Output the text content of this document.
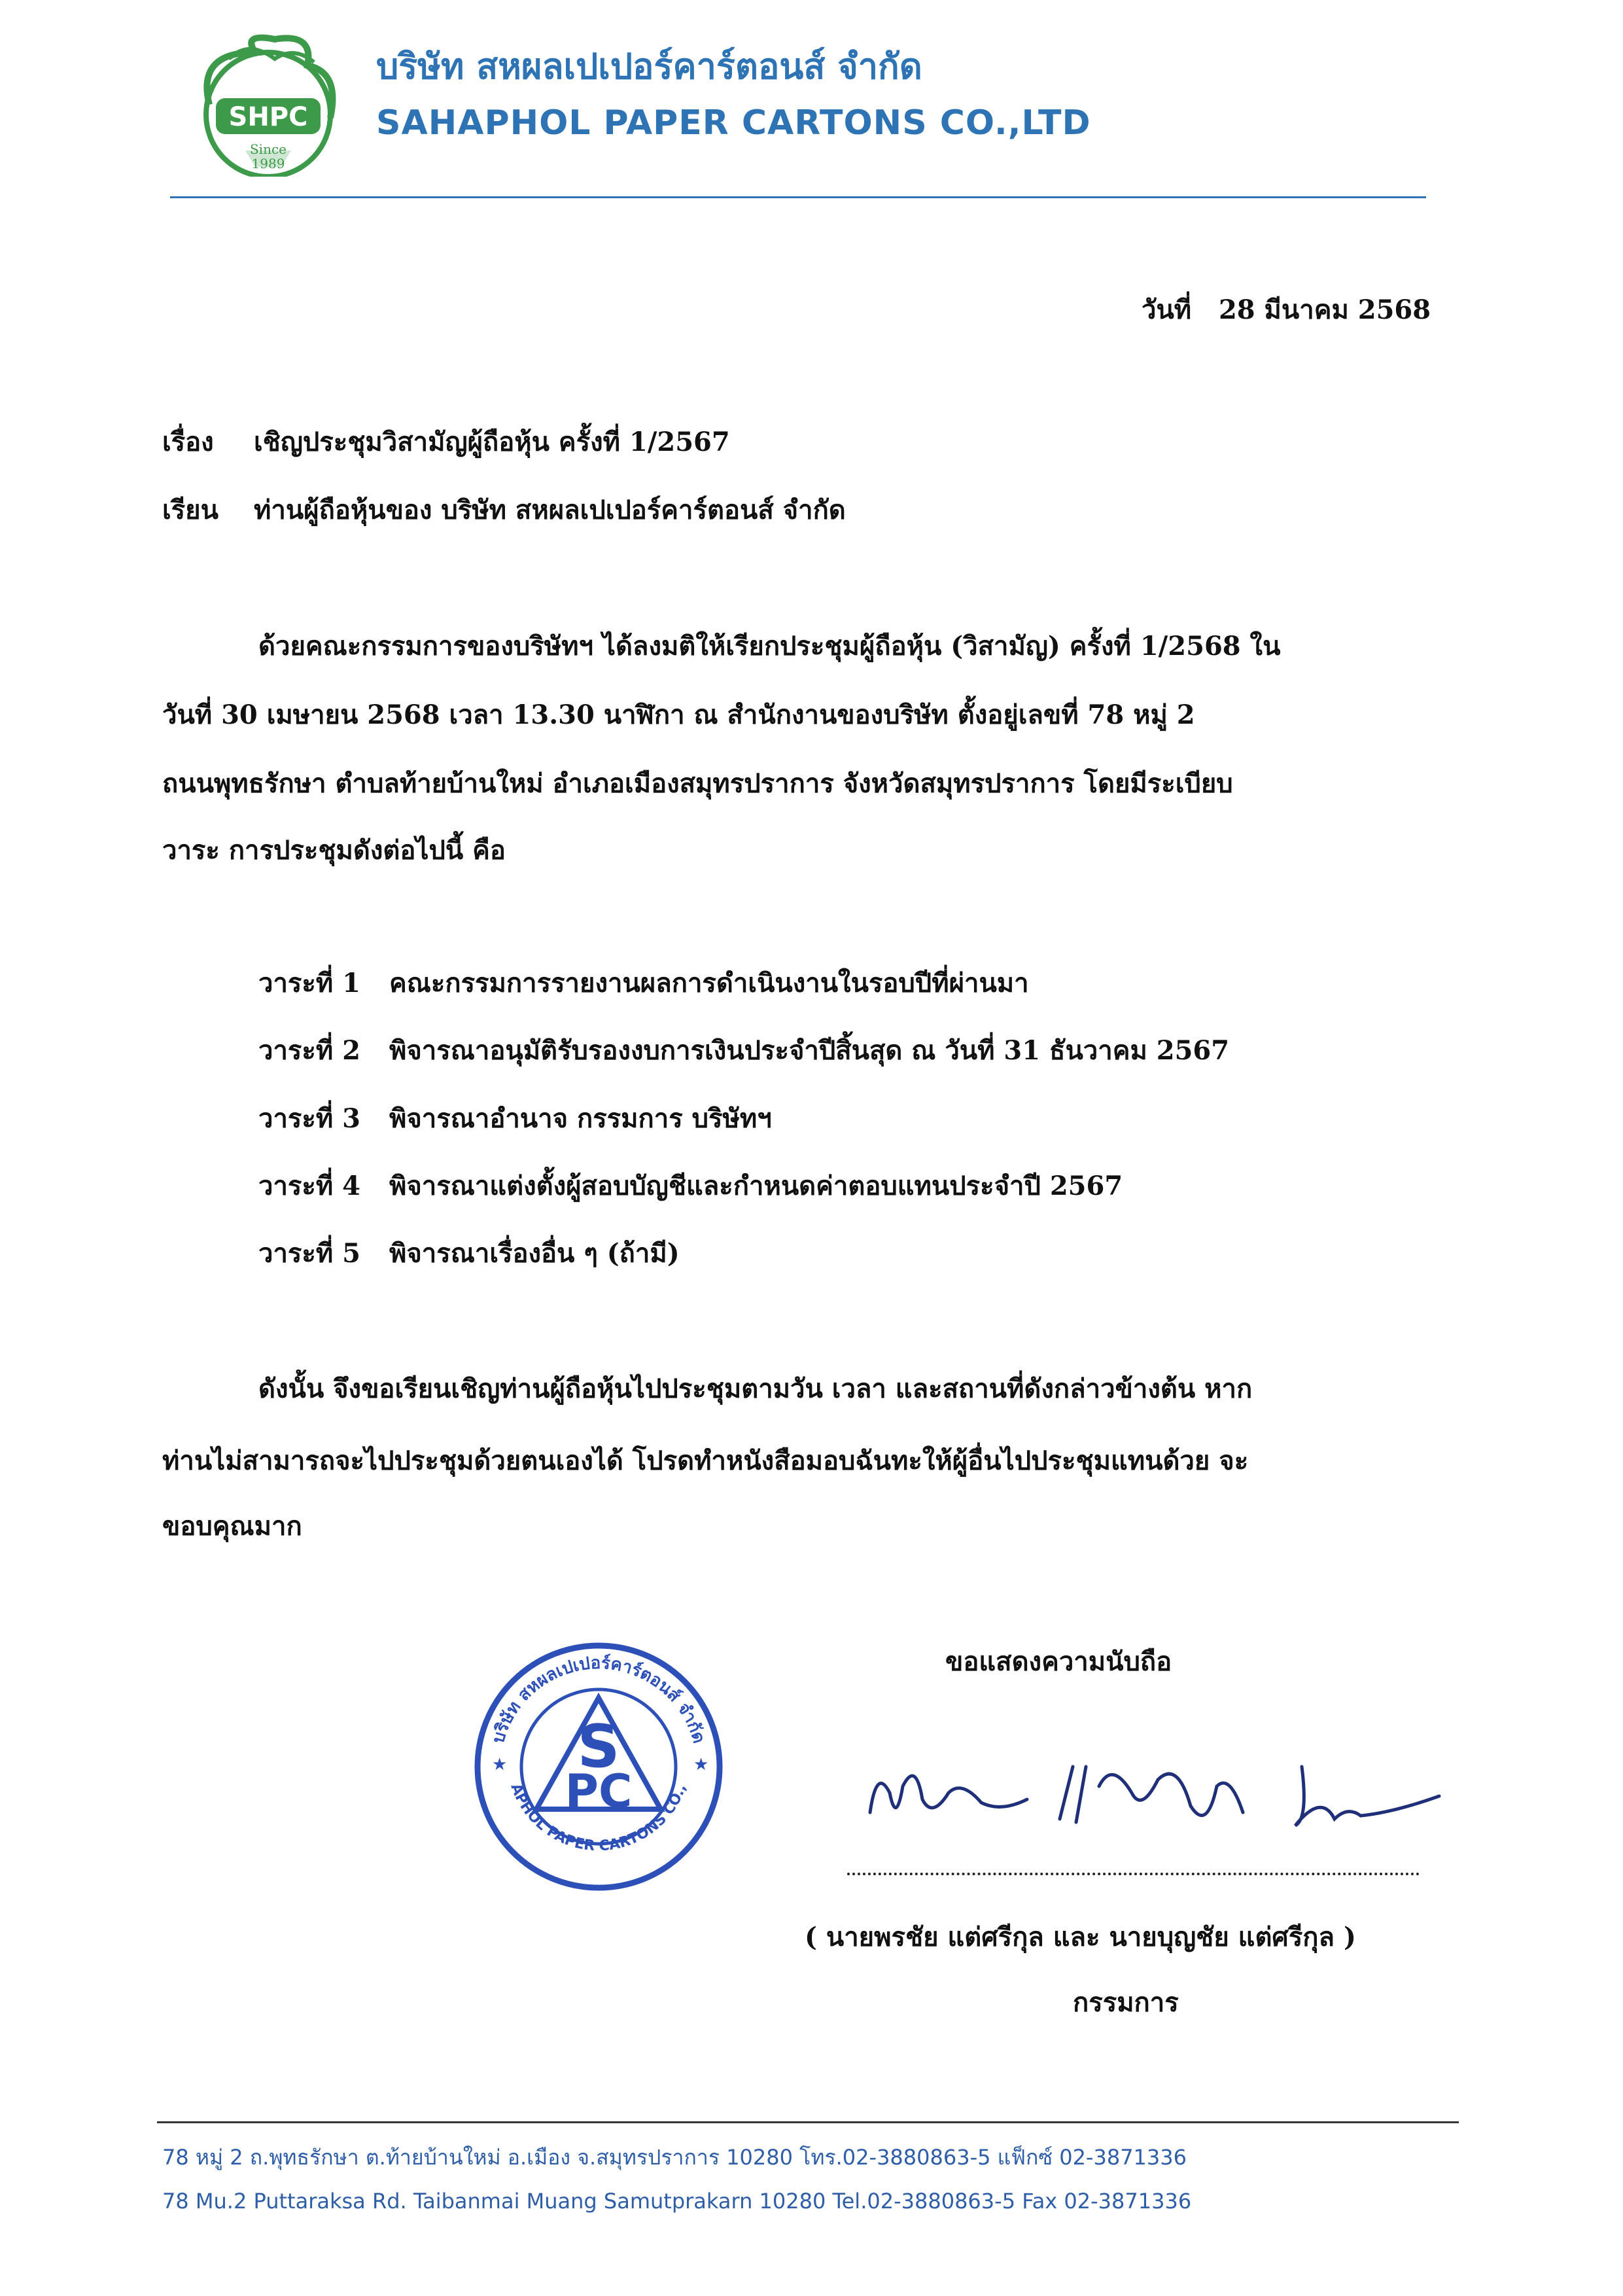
SHPC
Since
1989
บริษัท สหผลเปเปอร์คาร์ตอนส์ จำกัด
SAHAPHOL PAPER CARTONS CO.,LTD
วันที่ 28 มีนาคม 2568
เรื่อง เชิญประชุมวิสามัญผู้ถือหุ้น ครั้งที่ 1/2567
เรียน ท่านผู้ถือหุ้นของ บริษัท สหผลเปเปอร์คาร์ตอนส์ จำกัด
ด้วยคณะกรรมการของบริษัทฯ ได้ลงมติให้เรียกประชุมผู้ถือหุ้น (วิสามัญ) ครั้งที่ 1/2568 ใน
วันที่ 30 เมษายน 2568 เวลา 13.30 นาฬิกา ณ สำนักงานของบริษัท ตั้งอยู่เลขที่ 78 หมู่ 2
ถนนพุทธรักษา ตำบลท้ายบ้านใหม่ อำเภอเมืองสมุทรปราการ จังหวัดสมุทรปราการ โดยมีระเบียบ
วาระ การประชุมดังต่อไปนี้ คือ
วาระที่ 1 คณะกรรมการรายงานผลการดำเนินงานในรอบปีที่ผ่านมา
วาระที่ 2 พิจารณาอนุมัติรับรองงบการเงินประจำปีสิ้นสุด ณ วันที่ 31 ธันวาคม 2567
วาระที่ 3 พิจารณาอำนาจ กรรมการ บริษัทฯ
วาระที่ 4 พิจารณาแต่งตั้งผู้สอบบัญชีและกำหนดค่าตอบแทนประจำปี 2567
วาระที่ 5 พิจารณาเรื่องอื่น ๆ (ถ้ามี)
ดังนั้น จึงขอเรียนเชิญท่านผู้ถือหุ้นไปประชุมตามวัน เวลา และสถานที่ดังกล่าวข้างต้น หาก
ท่านไม่สามารถจะไปประชุมด้วยตนเองได้ โปรดทำหนังสือมอบฉันทะให้ผู้อื่นไปประชุมแทนด้วย จะ
ขอบคุณมาก
ขอแสดงความนับถือ
บริษัท สหผลเปเปอร์คาร์ตอนส์ จำกัด
APHOL PAPER CARTONS CO.,
S
PC
★	★
( นายพรชัย แต่ศรีกุล และ นายบุญชัย แต่ศรีกุล )
กรรมการ
78 หมู่ 2 ถ.พุทธรักษา ต.ท้ายบ้านใหม่ อ.เมือง จ.สมุทรปราการ 10280 โทร.02-3880863-5 แฟ็กซ์ 02-3871336
78 Mu.2 Puttaraksa Rd. Taibanmai Muang Samutprakarn 10280 Tel.02-3880863-5 Fax 02-3871336
